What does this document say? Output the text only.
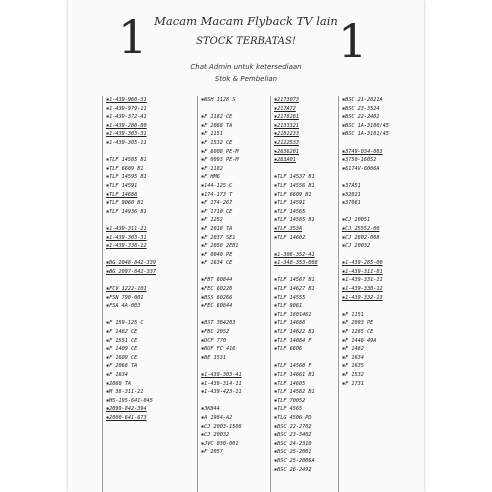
1	1
Macam Macam Flyback TV lain
STOCK TERBATAS!
Chat Admin untuk ketersediaan
Stok & Pembelian
▪ 1-439-960-31
▪ 1-439-979-11
▪ 1-439-372-41
▪ 1-439-280-00
▪ 1-439-303-31
▪ 1-439-305-11
▪ TLF 14585 B1
▪ TLF 6609 B1
▪ TLF 14595 B1
▪ TLF 14591
▪ TLF 14688
▪ TLF 9068 B1
▪ TLF 14936 B1
▪ 1-439-311-21
▪ 1-439-303-31
▪ 1-439-338-12
▪ BG 2048-842-339
▪ BG 2097-842-337
▪ FCV 1222-101
▪ FSN 790-001
▪ FSA 4A-003
▪ F 159-125 C
▪ F 1482 CE
▪ F 1551 CE
▪ F 1409 CE
▪ F 1609 CE
▪ F 2068 TA
▪ F 1634
▪ 2060 TA
▪ M 38-311-21
▪ MS-195-641-045
▪ 2099-842-394
▪ 2000-641-673
▪ NSH 1128 S
▪ F 1182 CE
▪ F 2068 TA
▪ F 1151
▪ F 1532 CE
▪ F 6008 PE-M
▪ F 0093 PE-M
▪ F 1182
▪ F HM6
▪ 144-125 C
▪ 174-173 T
▪ F 174-267
▪ F 1710 CE
▪ F 1252
▪ F 2018 TA
▪ F 2037 SE1
▪ F 2058 2EB1
▪ F 0040 PE
▪ F 1634 CE
▪ FBT 60844
▪ FEC 60220
▪ BSS 60266
▪ FEC 60844
▪ BST 3B4203
▪ FBC 2052
▪ DCF 770
▪ BUF FC 416
▪ BE 1531
▪ 1-439-303-41
▪ 1-439-314-11
▪ 1-439-423-11
▪ 3KB44
▪ A 1984-A2
▪ CJ 2003-1508
▪ CJ 20032
▪ JVC 030-001
▪ F 2057
▪ 2173073
▪ 217A72
▪ 2178281
▪ 2133321
▪ 2182233
▪ 2122533
▪ 2636201
▪ 263A01
▪ TLF 14537 B1
▪ TLF 14556 B1
▪ TLF 6609 B1
▪ TLF 14591
▪ TLF 14565
▪ TLF 14585 B1
▪ TLF 353A
▪ TLF 14602
▪ 1-308-352-41
▪ 1-348-353-008
▪ TLF 14567 B1
▪ TLF 14627 B1
▪ TLF 14555
▪ TLF 9061
▪ TLF 1801461
▪ TLF 14688
▪ TLF 14622 B1
▪ TLF 14084 F
▪ TLF 6606
▪ TLF 14560 F
▪ TLF 14661 B1
▪ TLF 14605
▪ TLF 14582 B1
▪ TLF 70052
▪ TLF 4565
▪ TLG 4506 PD
▪ BSC 22-2702
▪ BSC 23-3402
▪ BSC 24-2310
▪ BSC 25-2001
▪ BSC 25-2006A
▪ BSC 26-2492
▪ BSC 21-2621A
▪ BSC 23-3524
▪ BSC 22-2402
▪ BSC 1A-3100/45
▪ BSC 1A-3101/45
▪ 3749-034-003
▪ 3750-16052
▪ 6174V-6006A
▪ 37A51
▪ 32021
▪ 37061
▪ CJ 20051
▪ CJ 25552-00
▪ CJ 2802-008
▪ CJ 20032
▪ 1-439-285-00
▪ 1-439-311-01
▪ 1-439-331-11
▪ 1-439-330-12
▪ 1-439-332-13
▪ F 1151
▪ F 2093 PE
▪ F 1285 CE
▪ F 1446 49A
▪ F 1482
▪ F 1634
▪ F 1635
▪ F 1532
▪ F 1731
